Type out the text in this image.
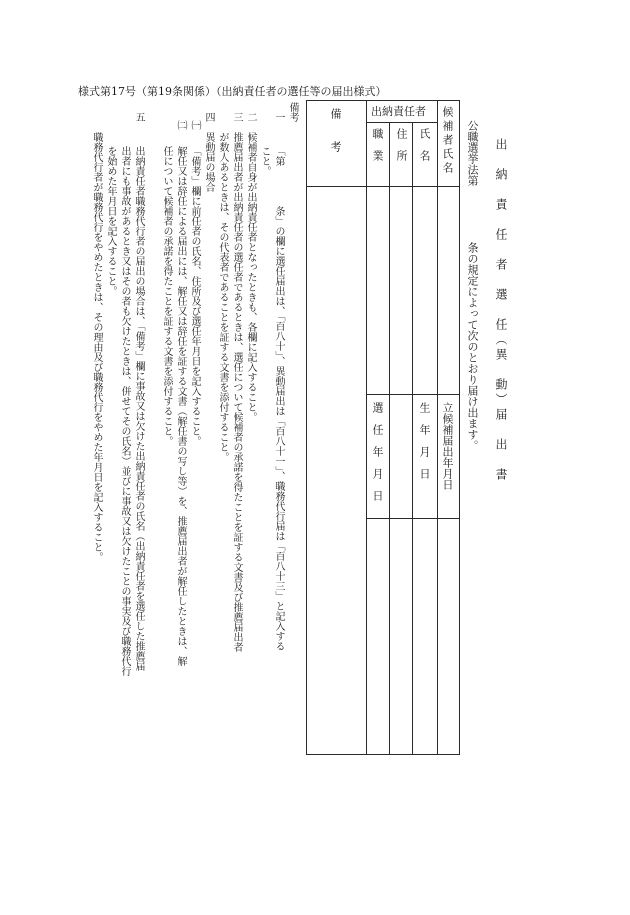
様式第17号（第19条関係）（出納責任者の選任等の届出様式）
出　納　責　任　者　選　任（異　動）届　出　書
公職選挙法第
条の規定によって次のとおり届け出ます。
候補者氏名
出納責任者
氏　名
住　所
職　業
備　　考
立候補届出年月日
生　年　月　日
選　任　年　月　日
備考
一
「第　　　　条」の欄に選任届出は、「百八十」、異動届出は「百八十一」、職務代行届は「百八十三」と記入する
こと。
二
候補者自身が出納責任者となったときも、各欄に記入すること。
三
推薦届出者が出納責任者の選任者であるときは、選任について候補者の承諾を得たことを証する文書及び推薦届出者
が数人あるときは、その代表者であることを証する文書を添付すること。
四
異動届の場合
㈠
「備考」欄に前任者の氏名、住所及び選任年月日を記入すること。
㈡
解任又は辞任による届出には、解任又は辞任を証する文書（解任書の写し等）を、推薦届出者が解任したときは、解
任について候補者の承諾を得たことを証する文書を添付すること。
五
出納責任者職務代行者の届出の場合は、「備考」欄に事故又は欠けた出納責任者の氏名（出納責任者を選任した推薦届
出者にも事故があるとき又はその者も欠けたときは、併せてその氏名）並びに事故又は欠けたことの事実及び職務代行
を始めた年月日を記入すること。
職務代行者が職務代行をやめたときは、その理由及び職務代行をやめた年月日を記入すること。
